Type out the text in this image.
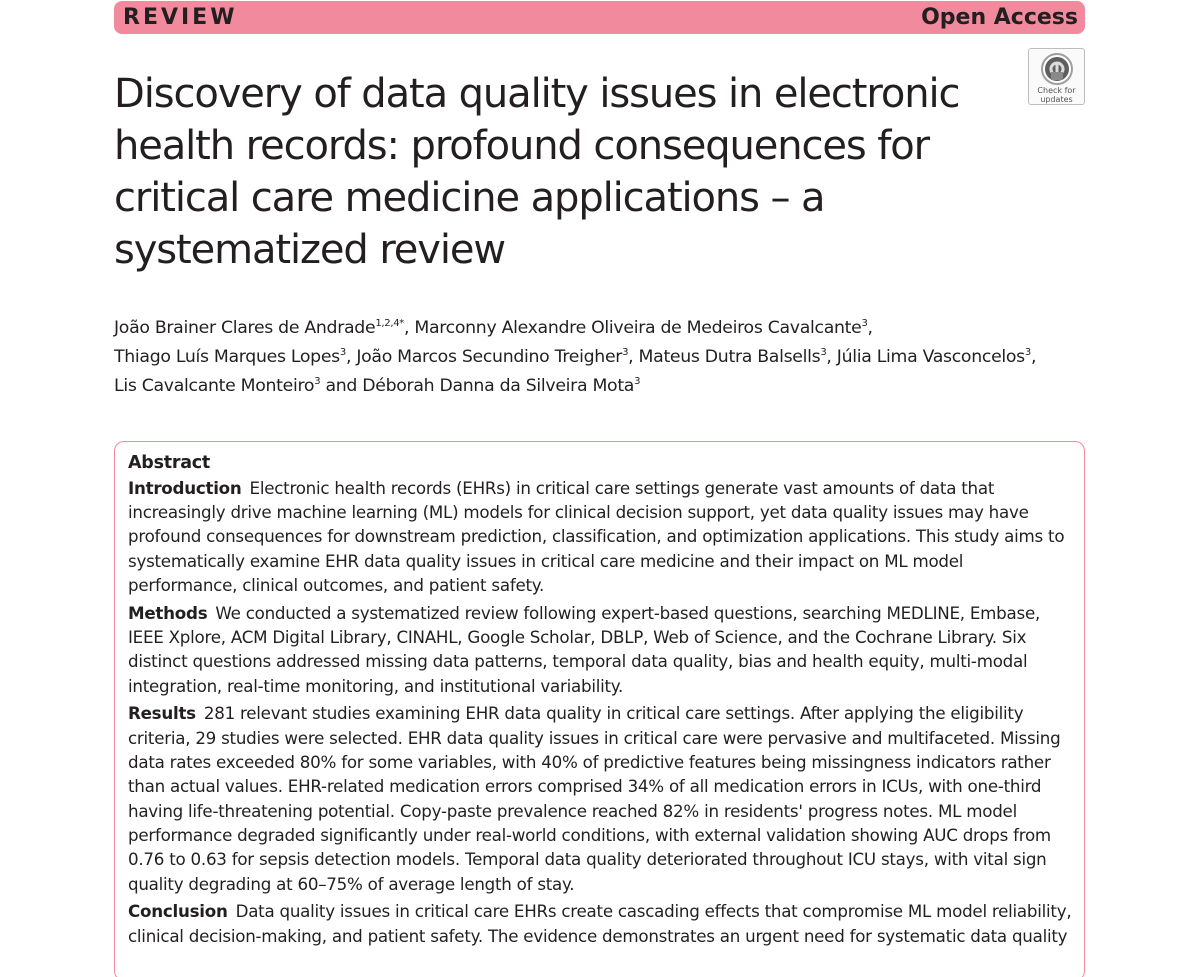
REVIEW	Open Access
Discovery of data quality issues in electronic health records: profound consequences for critical care medicine applications – a systematized review
Check for
updates
João Brainer Clares de Andrade$^{1,2,4*}$, Marconny Alexandre Oliveira de Medeiros Cavalcante$^3$,
Thiago Luís Marques Lopes$^3$, João Marcos Secundino Treigher$^3$, Mateus Dutra Balsells$^3$, Júlia Lima Vasconcelos$^3$,
Lis Cavalcante Monteiro$^3$ and Déborah Danna da Silveira Mota$^3$
Abstract
Introduction Electronic health records (EHRs) in critical care settings generate vast amounts of data that increasingly drive machine learning (ML) models for clinical decision support, yet data quality issues may have profound consequences for downstream prediction, classification, and optimization applications. This study aims to systematically examine EHR data quality issues in critical care medicine and their impact on ML model performance, clinical outcomes, and patient safety.
Methods We conducted a systematized review following expert-based questions, searching MEDLINE, Embase, IEEE Xplore, ACM Digital Library, CINAHL, Google Scholar, DBLP, Web of Science, and the Cochrane Library. Six distinct questions addressed missing data patterns, temporal data quality, bias and health equity, multi-modal integration, real-time monitoring, and institutional variability.
Results 281 relevant studies examining EHR data quality in critical care settings. After applying the eligibility criteria, 29 studies were selected. EHR data quality issues in critical care were pervasive and multifaceted. Missing data rates exceeded 80% for some variables, with 40% of predictive features being missingness indicators rather than actual values. EHR-related medication errors comprised 34% of all medication errors in ICUs, with one-third having life-threatening potential. Copy-paste prevalence reached 82% in residents' progress notes. ML model performance degraded significantly under real-world conditions, with external validation showing AUC drops from 0.76 to 0.63 for sepsis detection models. Temporal data quality deteriorated throughout ICU stays, with vital sign quality degrading at 60–75% of average length of stay.
Conclusion Data quality issues in critical care EHRs create cascading effects that compromise ML model reliability, clinical decision-making, and patient safety. The evidence demonstrates an urgent need for systematic data quality
